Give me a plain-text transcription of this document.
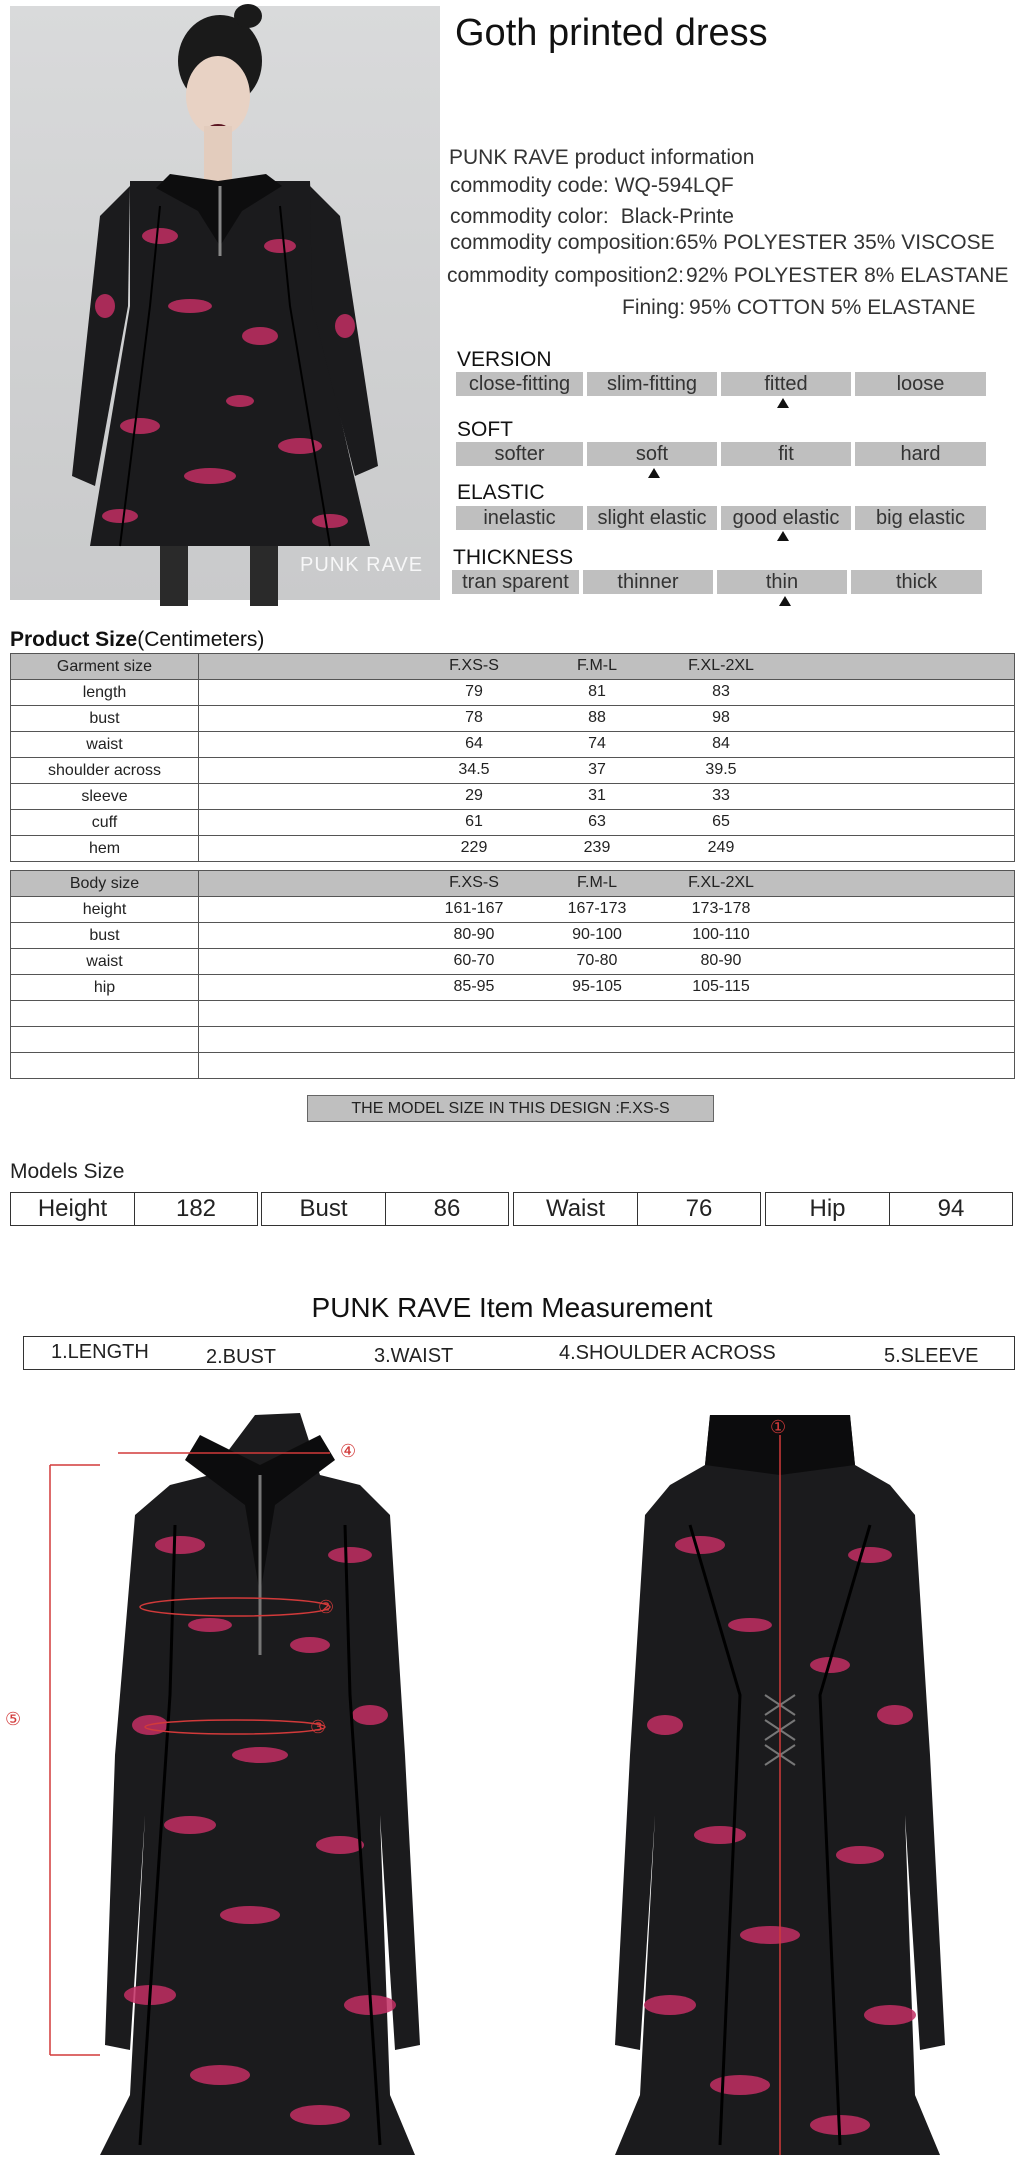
PUNK RAVE
Goth printed dress
PUNK RAVE product information
commodity code: WQ-594LQF
commodity color: Black-Printe
commodity composition:65% POLYESTER 35% VISCOSE
commodity composition2:92% POLYESTER 8% ELASTANE
Fining: 95% COTTON 5% ELASTANE
VERSION
close-fitting	slim-fitting	fitted	loose
SOFT
softer	soft	fit	hard
ELASTIC
inelastic	slight elastic	good elastic	big elastic
THICKNESS
tran sparent	thinner	thin	thick
Product Size(Centimeters)
Garment size	F.XS-S F.M-L F.XL-2XL

length	79 81 83

bust	78 88 98

waist	64 74 84

shoulder across	34.5 37 39.5

sleeve	29 31 33

cuff	61 63 65

hem	229 239 249
Body size	F.XS-S F.M-L F.XL-2XL

height	161-167 167-173 173-178

bust	80-90 90-100 100-110

waist	60-70 70-80 80-90

hip	85-95 95-105 105-115

THE MODEL SIZE IN THIS DESIGN :F.XS-S
Models Size
Height	182	Bust	86	Waist	76	Hip	94
PUNK RAVE Item Measurement
1.LENGTH	2.BUST	3.WAIST	4.SHOULDER ACROSS	5.SLEEVE
④
②
③
⑤
①
